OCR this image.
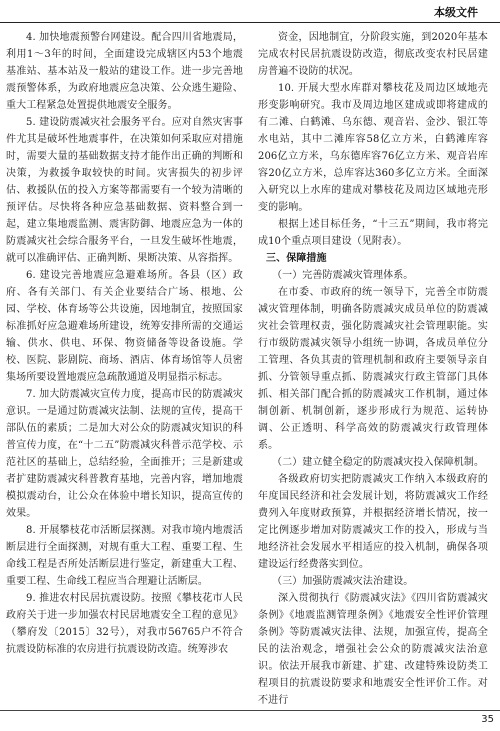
本级文件

4. 加快地震预警台网建设。配合四川省地震局，利用1～3年的时间，全面建设完成辖区内53个地震基准站、基本站及一般站的建设工作。进一步完善地震预警体系，为政府地震应急决策、公众逃生避险、重大工程紧急处置提供地震安全服务。

5. 建设防震减灾社会服务平台。应对自然灾害事件尤其是破坏性地震事件，在决策如何采取应对措施时，需要大量的基础数据支持才能作出正确的判断和决策，为救援争取较快的时间。灾害损失的初步评估、救援队伍的投入方案等都需要有一个较为清晰的预评估。尽快将各种应急基础数据、资料整合到一起，建立集地震监测、震害防御、地震应急为一体的防震减灾社会综合服务平台，一旦发生破坏性地震，就可以准确评估、正确判断、果断决策、从容指挥。

6. 建设完善地震应急避难场所。各县（区）政府、各有关部门、有关企业要结合广场、根地、公园、学校、体育场等公共设施，因地制宜，按照国家标准抓好应急避难场所建设，统筹安排所需的交通运输、供水、供电、环保、物资储备等设备设施。学校、医院、影剧院、商场、酒店、体育场馆等人员密集场所要设置地震应急疏散通道及明显指示标志。

7. 加大防震减灾宣传力度，提高市民的防震减灾意识。一是通过防震减灾法制、法规的宣传，提高干部队伍的素质；二是加大对公众的防震减灾知识的科普宣传力度，在“十二五”防震减灾科普示范学校、示范社区的基础上，总结经验，全面推开；三是新建或者扩建防震减灾科普教育基地，完善内容，增加地震模拟震动台，让公众在体验中增长知识，提高宣传的效果。

8. 开展攀枝花市活断层探测。对我市境内地震活断层进行全面探测，对规有重大工程、重要工程、生命线工程是否所处活断层进行鉴定，新建重大工程、重要工程、生命线工程应当合理避让活断层。

9. 推进农村民居抗震设防。按照《攀枝花市人民政府关于进一步加强农村民居地震安全工程的意见》（攀府发〔2015〕32号），对我市56765户不符合抗震设防标准的农房进行抗震设防改造。统筹涉农

资金，因地制宜，分阶段实施，到2020年基本完成农村民居抗震设防改造，彻底改变农村民居建房普遍不设防的状况。

10. 开展大型水库群对攀枝花及周边区域地壳形变影响研究。我市及周边地区建成或即将建成的有二滩、白鹤滩、乌东德、观音岩、金沙、银江等水电站，其中二滩库容58亿立方米，白鹤滩库容206亿立方米，乌东德库容76亿立方米、观音岩库容20亿立方米，总库容达360多亿立方米。全面深入研究以上水库的建成对攀枝花及周边区域地壳形变的影响。

根据上述目标任务，“十三五”期间，我市将完成10个重点项目建设（见附表）。

三、保障措施
（一）完善防震减灾管理体系。

在市委、市政府的统一领导下，完善全市防震减灾管理体制，明确各防震减灾成员单位的防震减灾社会管理权责，强化防震减灾社会管理职能。实行市级防震减灾领导小组统一协调，各成员单位分工管理、各负其责的管理机制和政府主要领导亲自抓、分管领导重点抓、防震减灾行政主管部门具体抓、相关部门配合抓的防震减灾工作机制，通过体制创新、机制创新，逐步形成行为规范、运转协调、公正透明、科学高效的防震减灾行政管理体系。

（二）建立健全稳定的防震减灾投入保障机制。

各级政府切实把防震减灾工作纳入本级政府的年度国民经济和社会发展计划，将防震减灾工作经费列入年度财政预算，并根据经济增长情况，按一定比例逐步增加对防震减灾工作的投入，形成与当地经济社会发展水平相适应的投入机制，确保各项建设运行经费落实到位。

（三）加强防震减灾法治建设。

深入贯彻执行《防震减灾法》《四川省防震减灾条例》《地震监测管理条例》《地震安全性评价管理条例》等防震减灾法律、法规，加强宣传，提高全民的法治观念，增强社会公众的防震减灾法治意识。依法开展我市新建、扩建、改建特殊设防类工程项目的抗震设防要求和地震安全性评价工作。对不进行

35
